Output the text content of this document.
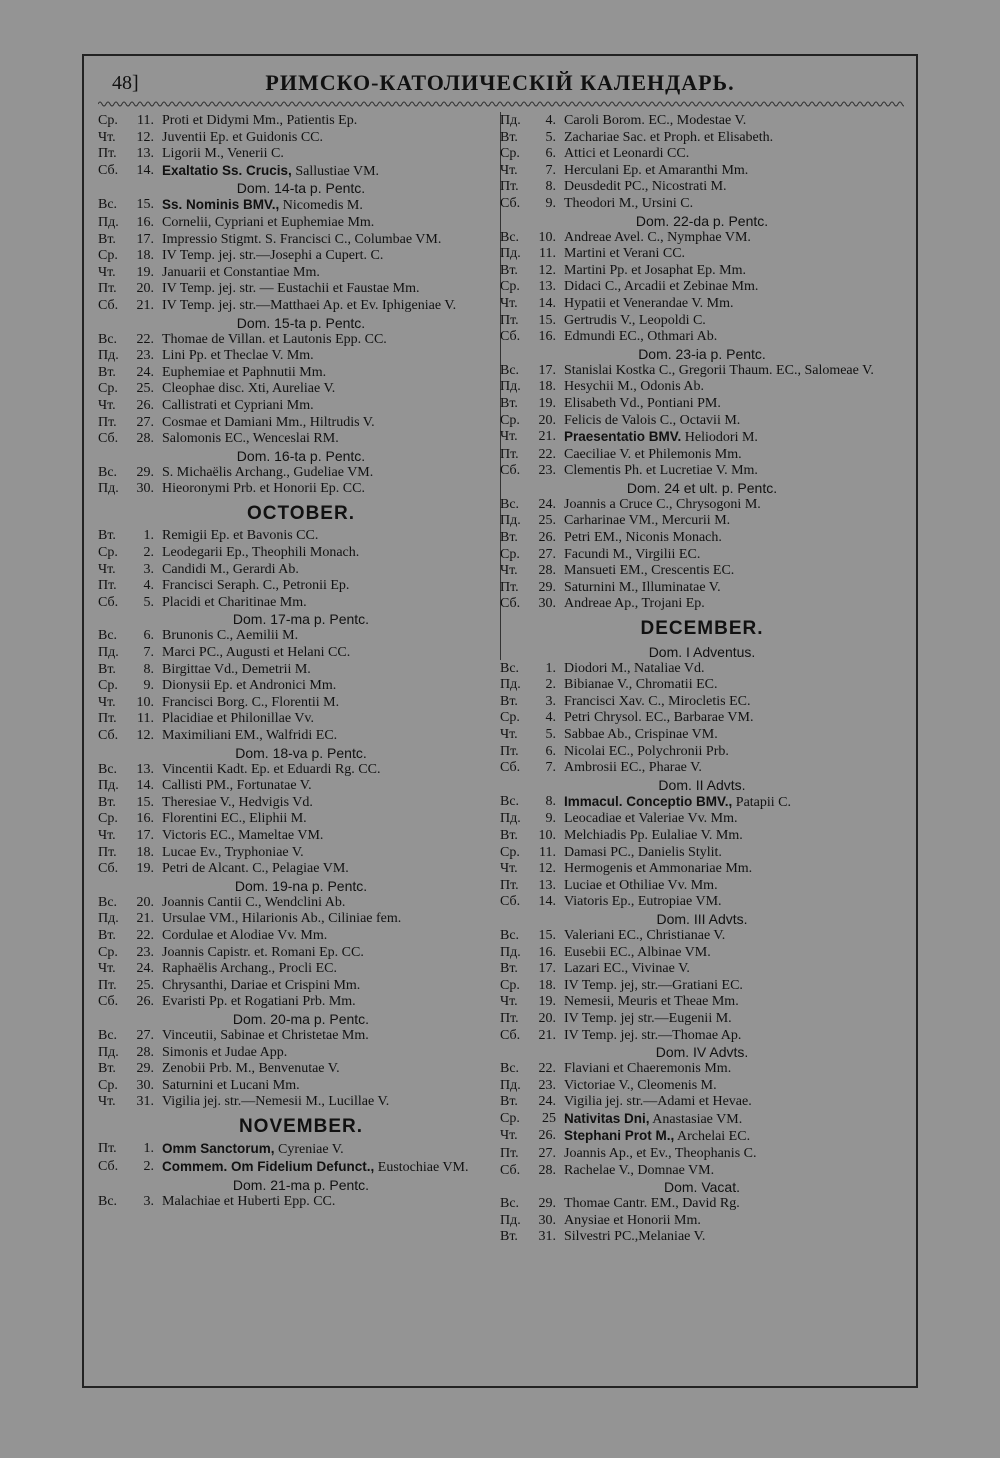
48]	РИМСКО-КАТОЛИЧЕСКІЙ КАЛЕНДАРЬ.
Ср.	11. Proti et Didymi Mm., Patientis Ep.
Чт.	12. Juventii Ep. et Guidonis CC.
Пт.	13. Ligorii M., Venerii C.
Сб.	14. Exaltatio Ss. Crucis, Sallustiae VM.
Dom. 14-ta p. Pentc.
Вс.	15. Ss. Nominis BMV., Nicomedis M.
Пд.	16. Cornelii, Cypriani et Euphemiae Mm.
Вт.	17. Impressio Stigmt. S. Francisci C., Columbae VM.
Ср.	18. IV Temp. jej. str.—Josephi a Cupert. C.
Чт.	19. Januarii et Constantiae Mm.
Пт.	20. IV Temp. jej. str. — Eustachii et Faustae Mm.
Сб.	21. IV Temp. jej. str.—Matthaei Ap. et Ev. Iphigeniae V.
Dom. 15-ta p. Pentc.
Вс.	22. Thomae de Villan. et Lautonis Epp. CC.
Пд.	23. Lini Pp. et Theclae V. Mm.
Вт.	24. Euphemiae et Paphnutii Mm.
Ср.	25. Cleophae disc. Xti, Aureliae V.
Чт.	26. Callistrati et Cypriani Mm.
Пт.	27. Cosmae et Damiani Mm., Hiltrudis V.
Сб.	28. Salomonis EC., Wenceslai RM.
Dom. 16-ta p. Pentc.
Вс.	29. S. Michaëlis Archang., Gudeliae VM.
Пд.	30. Hieoronymi Prb. et Honorii Ep. CC.
OCTOBER.
Вт.	1. Remigii Ep. et Bavonis CC.
Ср.	2. Leodegarii Ep., Theophili Monach.
Чт.	3. Candidi M., Gerardi Ab.
Пт.	4. Francisci Seraph. C., Petronii Ep.
Сб.	5. Placidi et Charitinae Mm.
Dom. 17-ma p. Pentc.
Вс.	6. Brunonis C., Aemilii M.
Пд.	7. Marci PC., Augusti et Helani CC.
Вт.	8. Birgittae Vd., Demetrii M.
Ср.	9. Dionysii Ep. et Andronici Mm.
Чт.	10. Francisci Borg. C., Florentii M.
Пт.	11. Placidiae et Philonillae Vv.
Сб.	12. Maximiliani EM., Walfridi EC.
Dom. 18-va p. Pentc.
Вс.	13. Vincentii Kadt. Ep. et Eduardi Rg. CC.
Пд.	14. Callisti PM., Fortunatae V.
Вт.	15. Theresiae V., Hedvigis Vd.
Ср.	16. Florentini EC., Eliphii M.
Чт.	17. Victoris EC., Mameltae VM.
Пт.	18. Lucae Ev., Tryphoniae V.
Сб.	19. Petri de Alcant. C., Pelagiae VM.
Dom. 19-na p. Pentc.
Вс.	20. Joannis Cantii C., Wendclini Ab.
Пд.	21. Ursulae VM., Hilarionis Ab., Ciliniae fem.
Вт.	22. Cordulae et Alodiae Vv. Mm.
Ср.	23. Joannis Capistr. et. Romani Ep. CC.
Чт.	24. Raphaëlis Archang., Procli EC.
Пт.	25. Chrysanthi, Dariae et Crispini Mm.
Сб.	26. Evaristi Pp. et Rogatiani Prb. Mm.
Dom. 20-ma p. Pentc.
Вс.	27. Vinceutii, Sabinae et Christetae Mm.
Пд.	28. Simonis et Judae App.
Вт.	29. Zenobii Prb. M., Benvenutae V.
Ср.	30. Saturnini et Lucani Mm.
Чт.	31. Vigilia jej. str.—Nemesii M., Lucillae V.
NOVEMBER.
Пт.	1. Omm Sanctorum, Cyreniae V.
Сб.	2. Commem. Om Fidelium Defunct., Eustochiae VM.
Dom. 21-ma p. Pentc.
Вс.	3. Malachiae et Huberti Epp. CC.
Пд.	4. Caroli Borom. EC., Modestae V.
Вт.	5. Zachariae Sac. et Proph. et Elisabeth.
Ср.	6. Attici et Leonardi CC.
Чт.	7. Herculani Ep. et Amaranthi Mm.
Пт.	8. Deusdedit PC., Nicostrati M.
Сб.	9. Theodori M., Ursini C.
Dom. 22-da p. Pentc.
Вс.	10. Andreae Avel. C., Nymphae VM.
Пд.	11. Martini et Verani CC.
Вт.	12. Martini Pp. et Josaphat Ep. Mm.
Ср.	13. Didaci C., Arcadii et Zebinae Mm.
Чт.	14. Hypatii et Venerandae V. Mm.
Пт.	15. Gertrudis V., Leopoldi C.
Сб.	16. Edmundi EC., Othmari Ab.
Dom. 23-ia p. Pentc.
Вс.	17. Stanislai Kostka C., Gregorii Thaum. EC., Salomeae V.
Пд.	18. Hesychii M., Odonis Ab.
Вт.	19. Elisabeth Vd., Pontiani PM.
Ср.	20. Felicis de Valois C., Octavii M.
Чт.	21. Praesentatio BMV. Heliodori M.
Пт.	22. Caeciliae V. et Philemonis Mm.
Сб.	23. Clementis Ph. et Lucretiae V. Mm.
Dom. 24 et ult. p. Pentc.
Вс.	24. Joannis a Cruce C., Chrysogoni M.
Пд.	25. Carharinae VM., Mercurii M.
Вт.	26. Petri EM., Niconis Monach.
Ср.	27. Facundi M., Virgilii EC.
Чт.	28. Mansueti EM., Crescentis EC.
Пт.	29. Saturnini M., Illuminatae V.
Сб.	30. Andreae Ap., Trojani Ep.
DECEMBER.
Dom. I Adventus.
Вс.	1. Diodori M., Nataliae Vd.
Пд.	2. Bibianae V., Chromatii EC.
Вт.	3. Francisci Xav. C., Mirocletis EC.
Ср.	4. Petri Chrysol. EC., Barbarae VM.
Чт.	5. Sabbae Ab., Crispinae VM.
Пт.	6. Nicolai EC., Polychronii Prb.
Сб.	7. Ambrosii EC., Pharae V.
Dom. II Advts.
Вс.	8. Immacul. Conceptio BMV., Patapii C.
Пд.	9. Leocadiae et Valeriae Vv. Mm.
Вт.	10. Melchiadis Pp. Eulaliae V. Mm.
Ср.	11. Damasi PC., Danielis Stylit.
Чт.	12. Hermogenis et Ammonariae Mm.
Пт.	13. Luciae et Othiliae Vv. Mm.
Сб.	14. Viatoris Ep., Eutropiae VM.
Dom. III Advts.
Вс.	15. Valeriani EC., Christianae V.
Пд.	16. Eusebii EC., Albinae VM.
Вт.	17. Lazari EC., Vivinae V.
Ср.	18. IV Temp. jej, str.—Gratiani EC.
Чт.	19. Nemesii, Meuris et Theae Mm.
Пт.	20. IV Temp. jej str.—Eugenii M.
Сб.	21. IV Temp. jej. str.—Thomae Ap.
Dom. IV Advts.
Вс.	22. Flaviani et Chaeremonis Mm.
Пд.	23. Victoriae V., Cleomenis M.
Вт.	24. Vigilia jej. str.—Adami et Hevae.
Ср.	25 Nativitas Dni, Anastasiae VM.
Чт.	26. Stephani Prot M., Archelai EC.
Пт.	27. Joannis Ap., et Ev., Theophanis C.
Сб.	28. Rachelae V., Domnae VM.
Dom. Vacat.
Вс.	29. Thomae Cantr. EM., David Rg.
Пд.	30. Anysiae et Honorii Mm.
Вт.	31. Silvestri PC.,Melaniae V.
